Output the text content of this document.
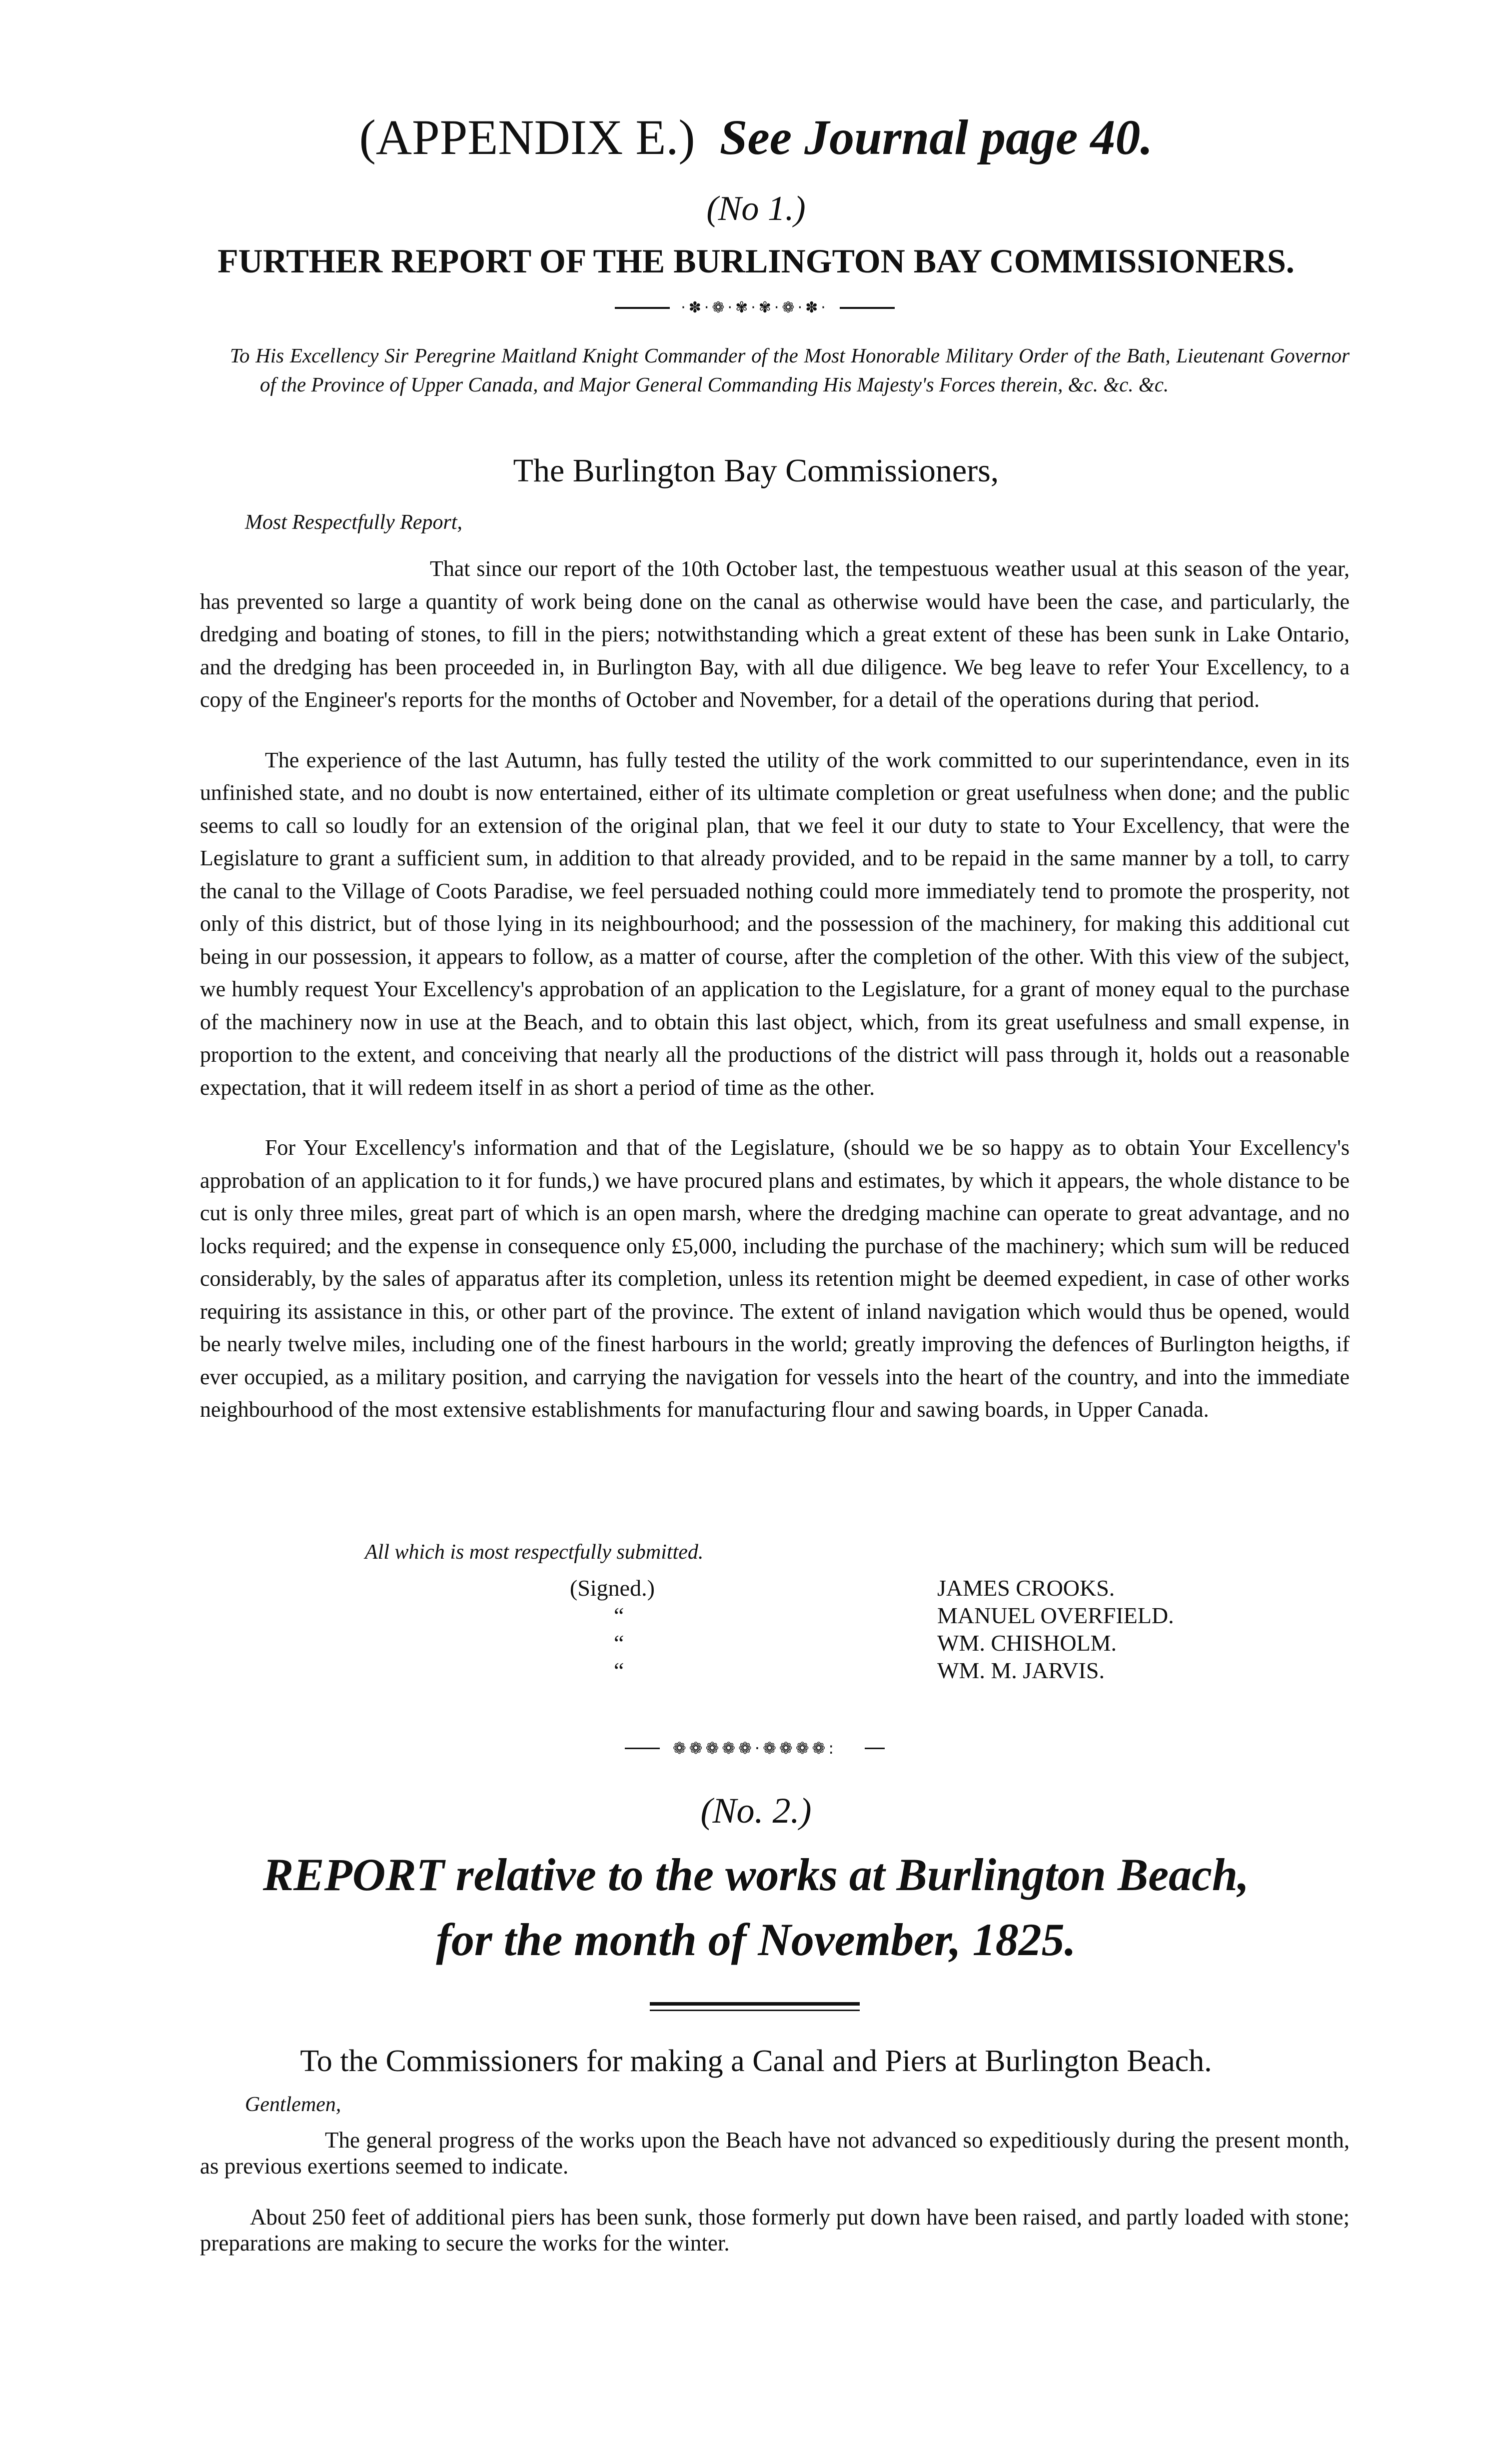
(APPENDIX E.) See Journal page 40.
(No 1.)
FURTHER REPORT OF THE BURLINGTON BAY COMMISSIONERS.
·✽·❁·✾·✾·❁·✽·
To His Excellency Sir Peregrine Maitland Knight Commander of the Most Honorable Military Order of the Bath, Lieutenant Governor of the Province of Upper Canada, and Major General Commanding His Majesty's Forces therein, &c. &c. &c.
The Burlington Bay Commissioners,
Most Respectfully Report,

That since our report of the 10th October last, the tempestuous weather usual at this season of the year, has prevented so large a quantity of work being done on the canal as otherwise would have been the case, and particularly, the dredging and boating of stones, to fill in the piers; notwithstanding which a great extent of these has been sunk in Lake Ontario, and the dredging has been proceeded in, in Burlington Bay, with all due diligence. We beg leave to refer Your Excellency, to a copy of the Engineer's reports for the months of October and November, for a detail of the operations during that period.

The experience of the last Autumn, has fully tested the utility of the work committed to our superintendance, even in its unfinished state, and no doubt is now entertained, either of its ultimate completion or great usefulness when done; and the public seems to call so loudly for an extension of the original plan, that we feel it our duty to state to Your Excellency, that were the Legislature to grant a sufficient sum, in addition to that already provided, and to be repaid in the same manner by a toll, to carry the canal to the Village of Coots Paradise, we feel persuaded nothing could more immediately tend to promote the prosperity, not only of this district, but of those lying in its neighbourhood; and the possession of the machinery, for making this additional cut being in our possession, it appears to follow, as a matter of course, after the completion of the other. With this view of the subject, we humbly request Your Excellency's approbation of an application to the Legislature, for a grant of money equal to the purchase of the machinery now in use at the Beach, and to obtain this last object, which, from its great usefulness and small expense, in proportion to the extent, and conceiving that nearly all the productions of the district will pass through it, holds out a reasonable expectation, that it will redeem itself in as short a period of time as the other.

For Your Excellency's information and that of the Legislature, (should we be so happy as to obtain Your Excellency's approbation of an application to it for funds,) we have procured plans and estimates, by which it appears, the whole distance to be cut is only three miles, great part of which is an open marsh, where the dredging machine can operate to great advantage, and no locks required; and the expense in consequence only £5,000, including the purchase of the machinery; which sum will be reduced considerably, by the sales of apparatus after its completion, unless its retention might be deemed expedient, in case of other works requiring its assistance in this, or other part of the province. The extent of inland navigation which would thus be opened, would be nearly twelve miles, including one of the finest harbours in the world; greatly improving the defences of Burlington heigths, if ever occupied, as a military position, and carrying the navigation for vessels into the heart of the country, and into the immediate neighbourhood of the most extensive establishments for manufacturing flour and sawing boards, in Upper Canada.

All which is most respectfully submitted.
(Signed.)
“
“
“
JAMES CROOKS.
MANUEL OVERFIELD.
WM. CHISHOLM.
WM. M. JARVIS.
❁❁❁❁❁·❁❁❁❁:
(No. 2.)
REPORT relative to the works at Burlington Beach,
for the month of November, 1825.
To the Commissioners for making a Canal and Piers at Burlington Beach.
Gentlemen,

The general progress of the works upon the Beach have not advanced so expeditiously during the present month, as previous exertions seemed to indicate.

About 250 feet of additional piers has been sunk, those formerly put down have been raised, and partly loaded with stone; preparations are making to secure the works for the winter.
